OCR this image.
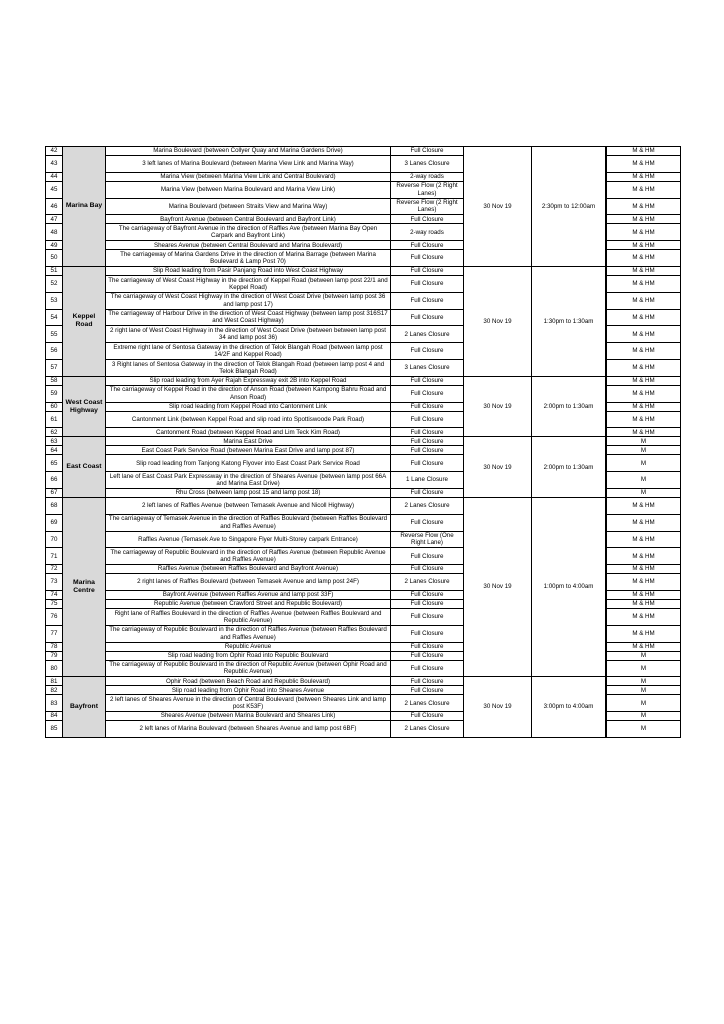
42	Marina Bay	Marina Boulevard (between Collyer Quay and Marina Gardens Drive)	Full Closure	30 Nov 19	2:30pm to 12:00am		M & HM
43		3 left lanes of Marina Boulevard (between Marina View Link and Marina Way)	3 Lanes Closure			M & HM
44		Marina View (between Marina View Link and Central Boulevard)	2-way roads			M & HM
45		Marina View (between Marina Boulevard and Marina View Link)	Reverse Flow (2 Right Lanes)			M & HM
46		Marina Boulevard (between Straits View and Marina Way)	Reverse Flow (2 Right Lanes)			M & HM
47		Bayfront Avenue (between Central Boulevard and Bayfront Link)	Full Closure			M & HM
48		The carriageway of Bayfront Avenue in the direction of Raffles Ave (between Marina Bay Open Carpark and Bayfront Link)	2-way roads			M & HM
49		Sheares Avenue (between Central Boulevard and Marina Boulevard)	Full Closure			M & HM
50		The carriageway of Marina Gardens Drive in the direction of Marina Barrage (between Marina Boulevard & Lamp Post 70)	Full Closure			M & HM
51	Keppel Road	Slip Road leading from Pasir Panjang Road into West Coast Highway	Full Closure	30 Nov 19	1:30pm to 1:30am		M & HM
52		The carriageway of West Coast Highway in the direction of Keppel Road (between lamp post 22/1 and Keppel Road)	Full Closure			M & HM
53		The carriageway of West Coast Highway in the direction of West Coast Drive (between lamp post 36 and lamp post 17)	Full Closure			M & HM
54		The carriageway of Harbour Drive in the direction of West Coast Highway (between lamp post 316S17 and West Coast Highway)	Full Closure			M & HM
55		2 right lane of West Coast Highway in the direction of West Coast Drive (between between lamp post 34 and lamp post 36)	2 Lanes Closure			M & HM
56		Extreme right lane of Sentosa Gateway in the direction of Telok Blangah Road (between lamp post 14/2F and Keppel Road)	Full Closure			M & HM
57		3 Right lanes of Sentosa Gateway in the direction of Telok Blangah Road (between lamp post 4 and Telok Blangah Road)	3 Lanes Closure			M & HM
58	West Coast Highway	Slip road leading from Ayer Rajah Expressway exit 2B into Keppel Road	Full Closure	30 Nov 19	2:00pm to 1:30am		M & HM
59		The carriageway of Keppel Road in the direction of Anson Road (between Kampong Bahru Road and Anson Road)	Full Closure			M & HM
60		Slip road leading from Keppel Road into Cantonment Link	Full Closure			M & HM
61		Cantonment Link (between Keppel Road and slip road into Spottiswoode Park Road)	Full Closure			M & HM
62		Cantonment Road (between Keppel Road and Lim Teck Kim Road)	Full Closure			M & HM
63	East Coast	Marina East Drive	Full Closure	30 Nov 19	2:00pm to 1:30am		M
64		East Coast Park Service Road (between Marina East Drive and lamp post 87)	Full Closure			M
65		Slip road leading from Tanjong Katong Flyover into East Coast Park Service Road	Full Closure			M
66		Left lane of East Coast Park Expressway in the direction of Sheares Avenue (between lamp post 66A and Marina East Drive)	1 Lane Closure			M
67		Rhu Cross (between lamp post 15 and lamp post 18)	Full Closure			M
68	Marina Centre	2 left lanes of Raffles Avenue (between Temasek Avenue and Nicoll Highway)	2 Lanes Closure	30 Nov 19	1:00pm to 4:00am		M & HM
69		The carriageway of Temasek Avenue in the direction of Raffles Boulevard (between Raffles Boulevard and Raffles Avenue)	Full Closure			M & HM
70		Raffles Avenue (Temasek Ave to Singapore Flyer Multi-Storey carpark Entrance)	Reverse Flow (One Right Lane)			M & HM
71		The carriageway of Republic Boulevard in the direction of Raffles Avenue (between Republic Avenue and Raffles Avenue)	Full Closure			M & HM
72		Raffles Avenue (between Raffles Boulevard and Bayfront Avenue)	Full Closure			M & HM
73		2 right lanes of Raffles Boulevard (between Temasek Avenue and lamp post 24F)	2 Lanes Closure			M & HM
74		Bayfront Avenue (between Raffles Avenue and lamp post 33F)	Full Closure			M & HM
75		Republic Avenue (between Crawford Street and Republic Boulevard)	Full Closure			M & HM
76		Right lane of Raffles Boulevard in the direction of Raffles Avenue (between Raffles Boulevard and Republic Avenue)	Full Closure			M & HM
77		The carriageway of Republic Boulevard in the direction of Raffles Avenue (between Raffles Boulevard and Raffles Avenue)	Full Closure			M & HM
78		Republic Avenue	Full Closure			M & HM
79		Slip road leading from Ophir Road into Republic Boulevard	Full Closure			M
80		The carriageway of Republic Boulevard in the direction of Republic Avenue (between Ophir Road and Republic Avenue)	Full Closure			M
81	Bayfront	Ophir Road (between Beach Road and Republic Boulevard)	Full Closure	30 Nov 19	3:00pm to 4:00am		M
82		Slip road leading from Ophir Road into Sheares Avenue	Full Closure			M
83		2 left lanes of Sheares Avenue in the direction of Central Boulevard (between Sheares Link and lamp post K53F)	2 Lanes Closure			M
84		Sheares Avenue (between Marina Boulevard and Sheares Link)	Full Closure			M
85		2 left lanes of Marina Boulevard (between Sheares Avenue and lamp post 6BF)	2 Lanes Closure			M
